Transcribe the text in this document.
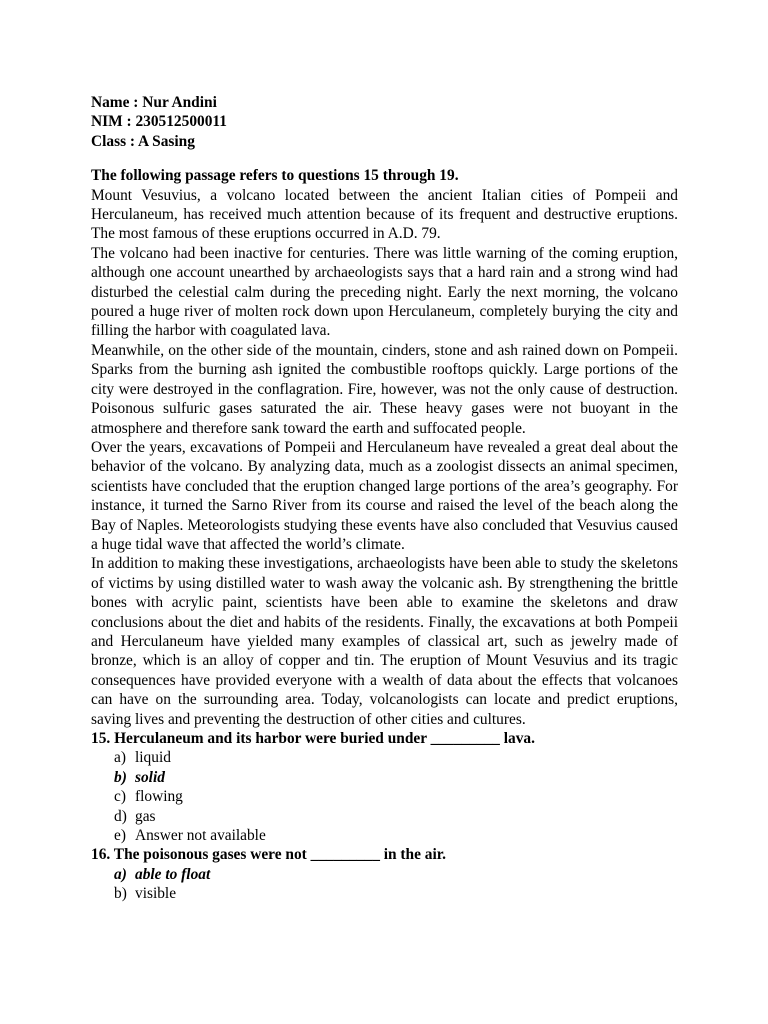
Name : Nur Andini

NIM : 230512500011

Class : A Sasing

The following passage refers to questions 15 through 19.

Mount Vesuvius, a volcano located between the ancient Italian cities of Pompeii and Herculaneum, has received much attention because of its frequent and destructive eruptions. The most famous of these eruptions occurred in A.D. 79.

The volcano had been inactive for centuries. There was little warning of the coming eruption, although one account unearthed by archaeologists says that a hard rain and a strong wind had disturbed the celestial calm during the preceding night. Early the next morning, the volcano poured a huge river of molten rock down upon Herculaneum, completely burying the city and filling the harbor with coagulated lava.

Meanwhile, on the other side of the mountain, cinders, stone and ash rained down on Pompeii. Sparks from the burning ash ignited the combustible rooftops quickly. Large portions of the city were destroyed in the conflagration. Fire, however, was not the only cause of destruction. Poisonous sulfuric gases saturated the air. These heavy gases were not buoyant in the atmosphere and therefore sank toward the earth and suffocated people.

Over the years, excavations of Pompeii and Herculaneum have revealed a great deal about the behavior of the volcano. By analyzing data, much as a zoologist dissects an animal specimen, scientists have concluded that the eruption changed large portions of the area’s geography. For instance, it turned the Sarno River from its course and raised the level of the beach along the Bay of Naples. Meteorologists studying these events have also concluded that Vesuvius caused a huge tidal wave that affected the world’s climate.

In addition to making these investigations, archaeologists have been able to study the skeletons of victims by using distilled water to wash away the volcanic ash. By strengthening the brittle bones with acrylic paint, scientists have been able to examine the skeletons and draw conclusions about the diet and habits of the residents. Finally, the excavations at both Pompeii and Herculaneum have yielded many examples of classical art, such as jewelry made of bronze, which is an alloy of copper and tin. The eruption of Mount Vesuvius and its tragic consequences have provided everyone with a wealth of data about the effects that volcanoes can have on the surrounding area. Today, volcanologists can locate and predict eruptions, saving lives and preventing the destruction of other cities and cultures.

15. Herculaneum and its harbor were buried under _________ lava.

a) liquid
b) solid
c) flowing
d) gas
e) Answer not available

16. The poisonous gases were not _________ in the air.

a) able to float
b) visible
